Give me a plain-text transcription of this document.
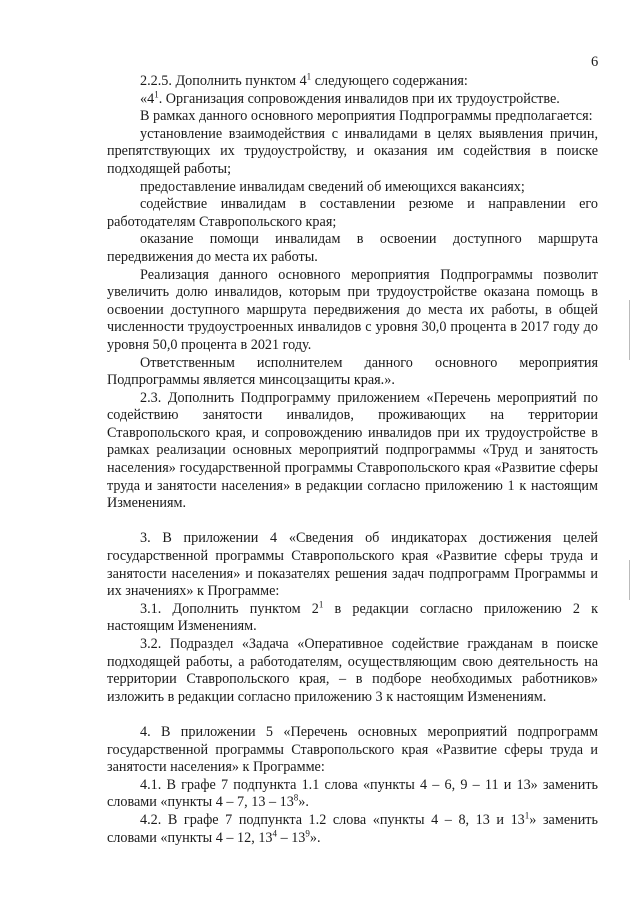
6

2.2.5. Дополнить пунктом $4^1$ следующего содержания:

«$4^1$. Организация сопровождения инвалидов при их трудоустройстве.

В рамках данного основного мероприятия Подпрограммы предполагается:

установление взаимодействия с инвалидами в целях выявления причин, препятствующих их трудоустройству, и оказания им содействия в поиске подходящей работы;

предоставление инвалидам сведений об имеющихся вакансиях;

содействие инвалидам в составлении резюме и направлении его работодателям Ставропольского края;

оказание помощи инвалидам в освоении доступного маршрута передвижения до места их работы.

Реализация данного основного мероприятия Подпрограммы позволит увеличить долю инвалидов, которым при трудоустройстве оказана помощь в освоении доступного маршрута передвижения до места их работы, в общей численности трудоустроенных инвалидов с уровня 30,0 процента в 2017 году до уровня 50,0 процента в 2021 году.

Ответственным исполнителем данного основного мероприятия Подпрограммы является минсоцзащиты края.».

2.3. Дополнить Подпрограмму приложением «Перечень мероприятий по содействию занятости инвалидов, проживающих на территории Ставропольского края, и сопровождению инвалидов при их трудоустройстве в рамках реализации основных мероприятий подпрограммы «Труд и занятость населения» государственной программы Ставропольского края «Развитие сферы труда и занятости населения» в редакции согласно приложению 1 к настоящим Изменениям.

3. В приложении 4 «Сведения об индикаторах достижения целей государственной программы Ставропольского края «Развитие сферы труда и занятости населения» и показателях решения задач подпрограмм Программы и их значениях» к Программе:

3.1. Дополнить пунктом $2^1$ в редакции согласно приложению 2 к настоящим Изменениям.

3.2. Подраздел «Задача «Оперативное содействие гражданам в поиске подходящей работы, а работодателям, осуществляющим свою деятельность на территории Ставропольского края, – в подборе необходимых работников» изложить в редакции согласно приложению 3 к настоящим Изменениям.

4. В приложении 5 «Перечень основных мероприятий подпрограмм государственной программы Ставропольского края «Развитие сферы труда и занятости населения» к Программе:

4.1. В графе 7 подпункта 1.1 слова «пункты 4 – 6, 9 – 11 и 13» заменить словами «пункты 4 – 7, $13 - 13^8$».

4.2. В графе 7 подпункта 1.2 слова «пункты 4 – 8, 13 и $13^1$» заменить словами «пункты 4 – 12, $13^4 - 13^9$».
